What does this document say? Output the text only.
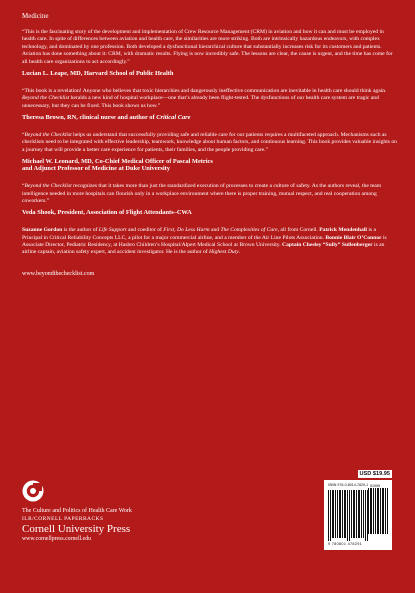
Medicine

“This is the fascinating story of the development and implementation of Crew Resource Management (CRM) in aviation and how it can and must be employed in health care. In spite of differences between aviation and health care, the similarities are more striking. Both are intrinsically hazardous endeavors, with complex technology, and dominated by one profession. Both developed a dysfunctional hierarchical culture that substantially increases risk for its customers and patients. Aviation has done something about it: CRM, with dramatic results. Flying is now incredibly safe. The lessons are clear, the cause is urgent, and the time has come for all health care organizations to act accordingly.”

Lucian L. Leape, MD, Harvard School of Public Health

“This book is a revelation! Anyone who believes that toxic hierarchies and dangerously ineffective communication are inevitable in health care should think again. Beyond the Checklist heralds a new kind of hospital workplace—one that’s already been flight-tested. The dysfunctions of our health care system are tragic and unnecessary, but they can be fixed. This book shows us how.”

Theresa Brown, RN, clinical nurse and author of Critical Care

“Beyond the Checklist helps us understand that successfully providing safe and reliable care for our patients requires a multifaceted approach. Mechanisms such as checklists need to be integrated with effective leadership, teamwork, knowledge about human factors, and continuous learning. This book provides valuable insights on a journey that will provide a better care experience for patients, their families, and the people providing care.”

Michael W. Leonard, MD, Co-Chief Medical Officer of Pascal Metrics
and Adjunct Professor of Medicine at Duke University

“Beyond the Checklist recognizes that it takes more than just the standardized execution of processes to create a culture of safety. As the authors reveal, the team intelligence needed in more hospitals can flourish only in a workplace environment where there is proper training, mutual respect, and real cooperation among coworkers.”

Veda Shook, President, Association of Flight Attendants–CWA
Suzanne Gordon is the author of Life Support and coeditor of First, Do Less Harm and The Complexities of Care, all from Cornell. Patrick Mendenhall is a Principal in Critical Reliability Concepts LLC, a pilot for a major commercial airline, and a member of the Air Line Pilots Association. Bonnie Blair O’Connor is Associate Director, Pediatric Residency, at Hasbro Children’s Hospital/Alpert Medical School at Brown University. Captain Chesley “Sully” Sullenberger is an airline captain, aviation safety expert, and accident investigator. He is the author of Highest Duty.
www.beyondthechecklist.com
The Culture and Politics of Health Care Work
ILR/CORNELL PAPERBACKS
Cornell University Press
www.cornellpress.cornell.edu
USD $19.95
ISBN 978-0-8014-7829-1 51995
9 780801 478291
